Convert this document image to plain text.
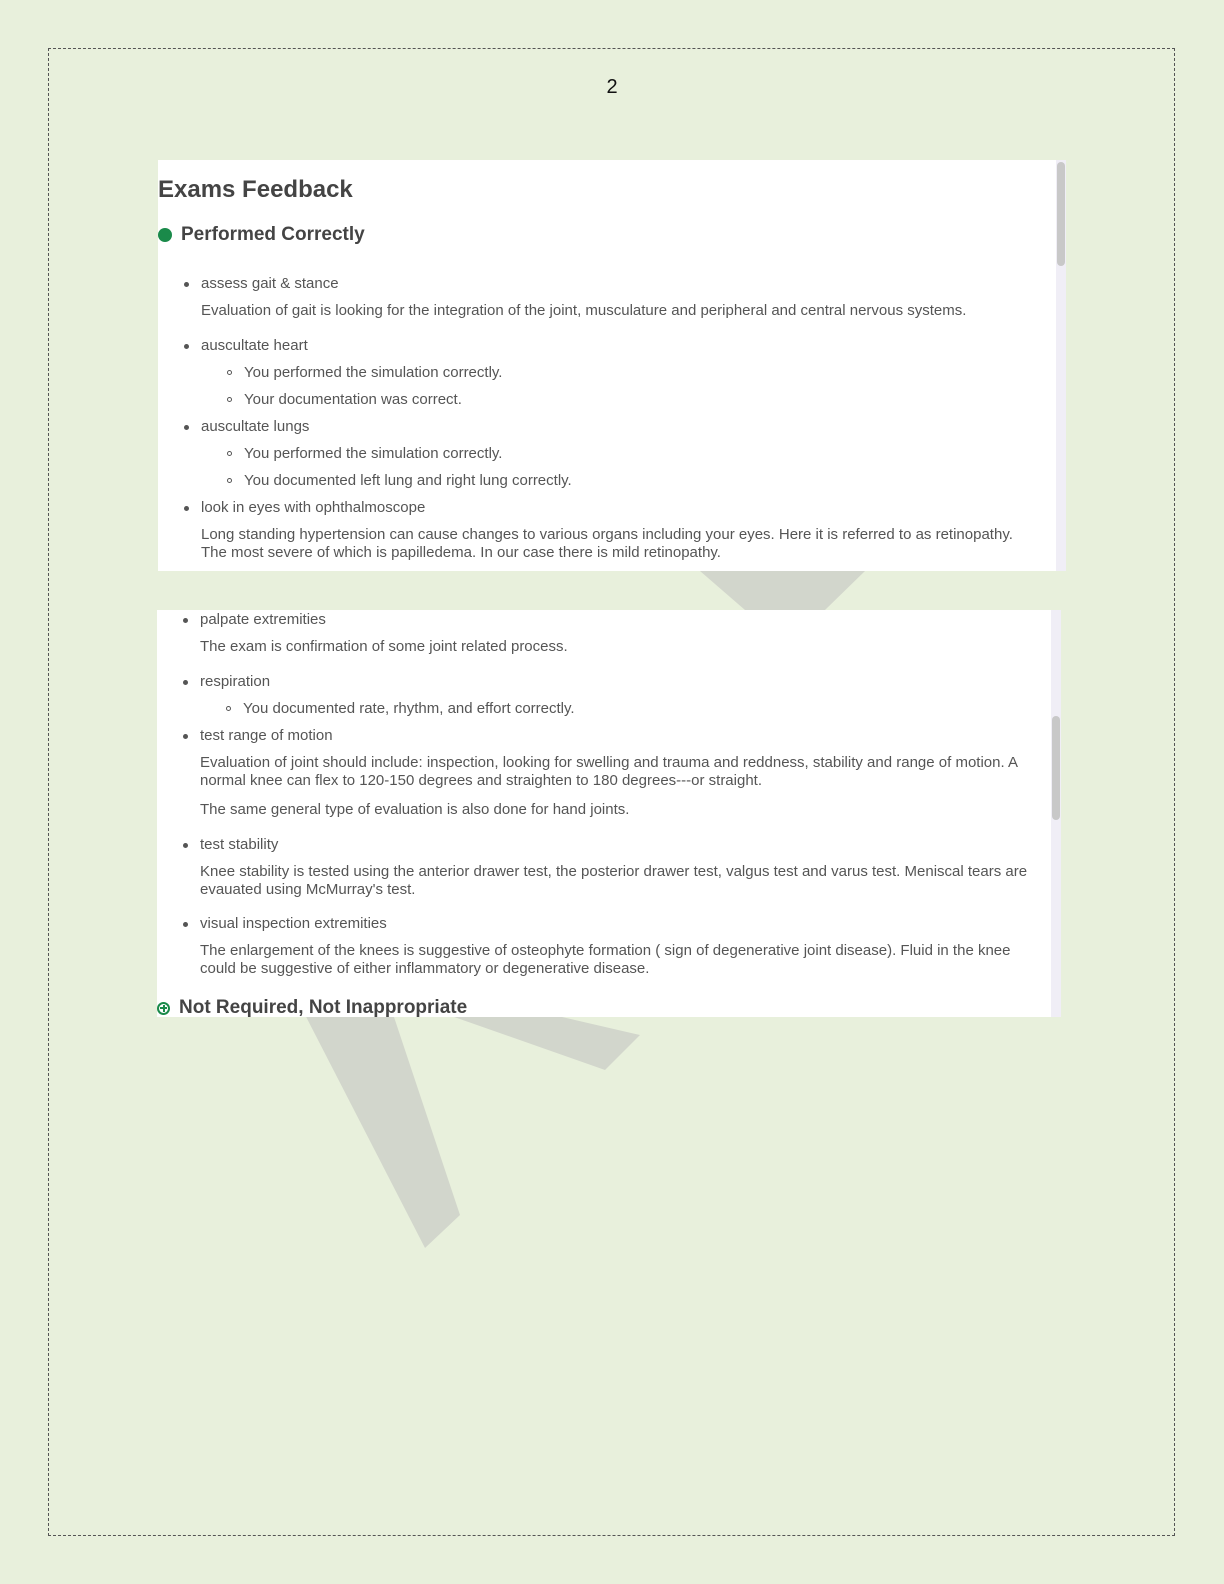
2
Exams Feedback
Performed Correctly
assess gait & stance
Evaluation of gait is looking for the integration of the joint, musculature and peripheral and central nervous systems.
auscultate heart
You performed the simulation correctly.
Your documentation was correct.
auscultate lungs
You performed the simulation correctly.
You documented left lung and right lung correctly.
look in eyes with ophthalmoscope
Long standing hypertension can cause changes to various organs including your eyes. Here it is referred to as retinopathy. The most severe of which is papilledema. In our case there is mild retinopathy.
palpate extremities
The exam is confirmation of some joint related process.
respiration
You documented rate, rhythm, and effort correctly.
test range of motion
Evaluation of joint should include: inspection, looking for swelling and trauma and reddness, stability and range of motion. A normal knee can flex to 120-150 degrees and straighten to 180 degrees---or straight.
The same general type of evaluation is also done for hand joints.
test stability
Knee stability is tested using the anterior drawer test, the posterior drawer test, valgus test and varus test. Meniscal tears are evauated using McMurray's test.
visual inspection extremities
The enlargement of the knees is suggestive of osteophyte formation ( sign of degenerative joint disease). Fluid in the knee could be suggestive of either inflammatory or degenerative disease.
Not Required, Not Inappropriate
